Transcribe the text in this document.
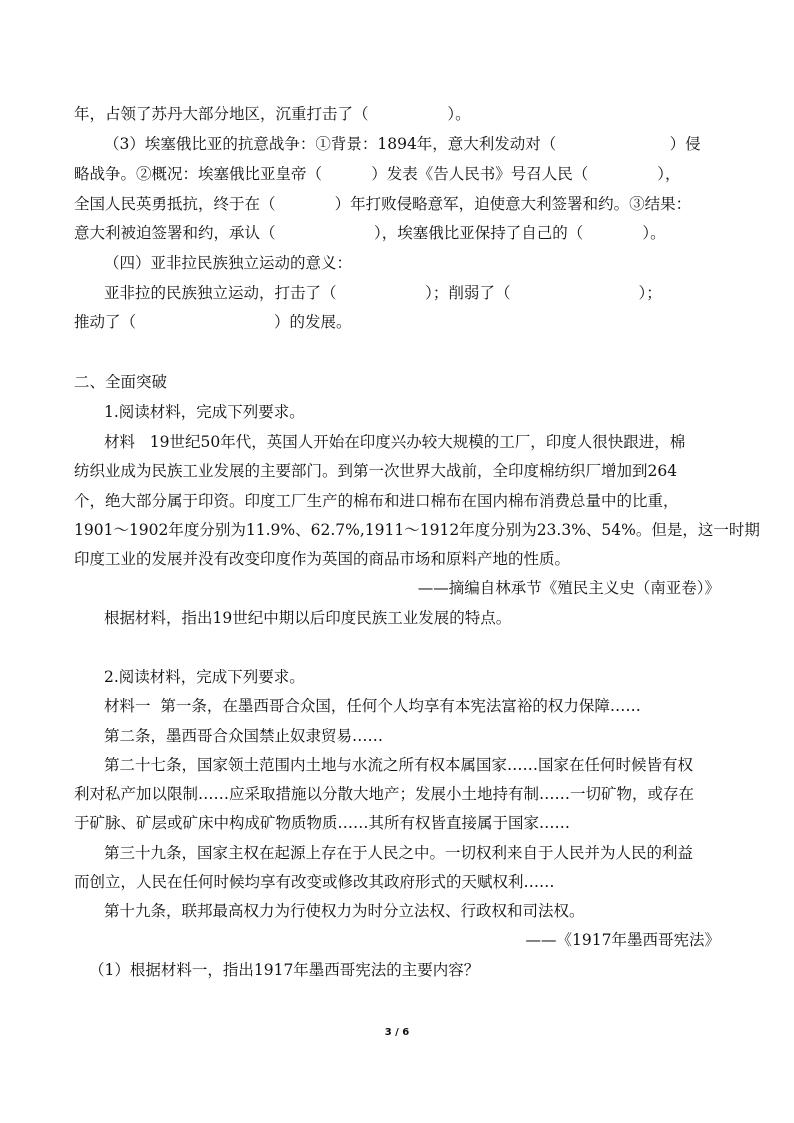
年，占领了苏丹大部分地区，沉重打击了（                ）。
（3）埃塞俄比亚的抗意战争：①背景：1894年，意大利发动对（                       ）侵
略战争。②概况：埃塞俄比亚皇帝（          ）发表《告人民书》号召人民（              ），
全国人民英勇抵抗，终于在（            ）年打败侵略意军，迫使意大利签署和约。③结果：
意大利被迫签署和约，承认（                    ），埃塞俄比亚保持了自己的（            ）。
（四）亚非拉民族独立运动的意义：
亚非拉的民族独立运动，打击了（                  ）；削弱了（                          ）；
推动了（                            ）的发展。
二、全面突破
1.阅读材料，完成下列要求。
材料   19世纪50年代，英国人开始在印度兴办较大规模的工厂，印度人很快跟进，棉
纺织业成为民族工业发展的主要部门。到第一次世界大战前，全印度棉纺织厂增加到264
个，绝大部分属于印资。印度工厂生产的棉布和进口棉布在国内棉布消费总量中的比重，
1901～1902年度分别为11.9%、62.7%,1911～1912年度分别为23.3%、54%。但是，这一时期
印度工业的发展并没有改变印度作为英国的商品市场和原料产地的性质。
——摘编自林承节《殖民主义史（南亚卷）》
根据材料，指出19世纪中期以后印度民族工业发展的特点。
2.阅读材料，完成下列要求。
材料一  第一条，在墨西哥合众国，任何个人均享有本宪法富裕的权力保障……
第二条，墨西哥合众国禁止奴隶贸易……
第二十七条，国家领土范围内土地与水流之所有权本属国家……国家在任何时候皆有权
利对私产加以限制……应采取措施以分散大地产；发展小土地持有制……一切矿物，或存在
于矿脉、矿层或矿床中构成矿物质物质……其所有权皆直接属于国家……
第三十九条，国家主权在起源上存在于人民之中。一切权利来自于人民并为人民的利益
而创立，人民在任何时候均享有改变或修改其政府形式的天赋权利……
第十九条，联邦最高权力为行使权力为时分立法权、行政权和司法权。
——《1917年墨西哥宪法》
（1）根据材料一，指出1917年墨西哥宪法的主要内容？
3 / 6
